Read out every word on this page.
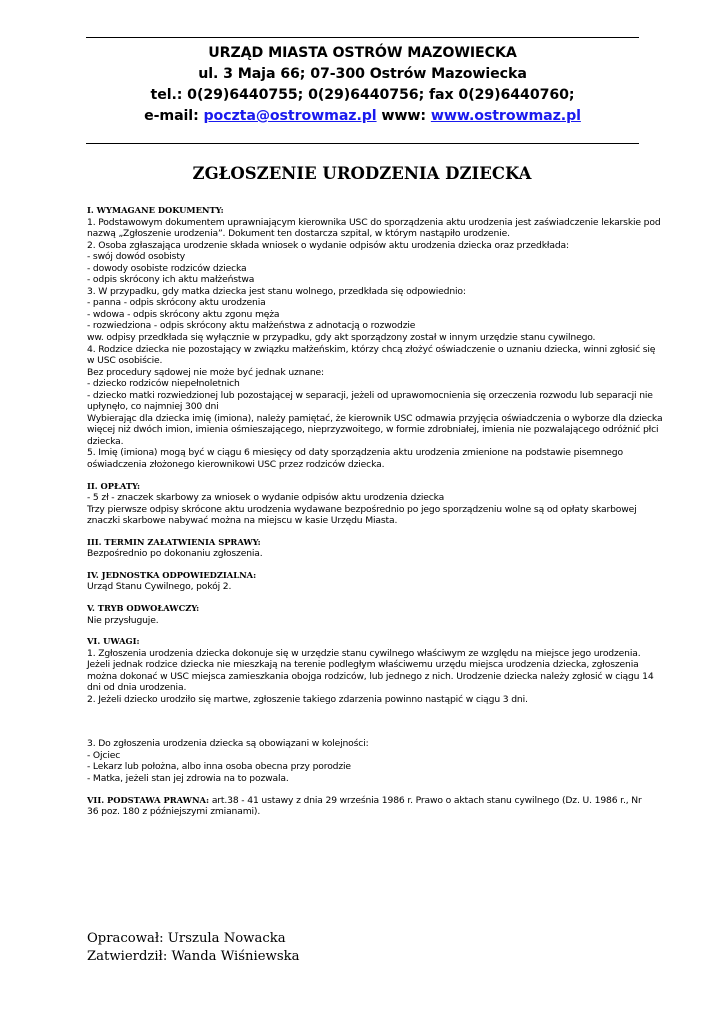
URZĄD MIASTA OSTRÓW MAZOWIECKA
ul. 3 Maja 66; 07-300 Ostrów Mazowiecka
tel.: 0(29)6440755; 0(29)6440756; fax 0(29)6440760;
e-mail: poczta@ostrowmaz.pl www: www.ostrowmaz.pl
ZGŁOSZENIE URODZENIA DZIECKA
I. WYMAGANE DOKUMENTY:
1. Podstawowym dokumentem uprawniającym kierownika USC do sporządzenia aktu urodzenia jest zaświadczenie lekarskie pod
nazwą „Zgłoszenie urodzenia”. Dokument ten dostarcza szpital, w którym nastąpiło urodzenie.
2. Osoba zgłaszająca urodzenie składa wniosek o wydanie odpisów aktu urodzenia dziecka oraz przedkłada:
- swój dowód osobisty
- dowody osobiste rodziców dziecka
- odpis skrócony ich aktu małżeństwa
3. W przypadku, gdy matka dziecka jest stanu wolnego, przedkłada się odpowiednio:
- panna - odpis skrócony aktu urodzenia
- wdowa - odpis skrócony aktu zgonu męża
- rozwiedziona - odpis skrócony aktu małżeństwa z adnotacją o rozwodzie
ww. odpisy przedkłada się wyłącznie w przypadku, gdy akt sporządzony został w innym urzędzie stanu cywilnego.
4. Rodzice dziecka nie pozostający w związku małżeńskim, którzy chcą złożyć oświadczenie o uznaniu dziecka, winni zgłosić się
w USC osobiście.
Bez procedury sądowej nie może być jednak uznane:
- dziecko rodziców niepełnoletnich
- dziecko matki rozwiedzionej lub pozostającej w separacji, jeżeli od uprawomocnienia się orzeczenia rozwodu lub separacji nie
upłynęło, co najmniej 300 dni
Wybierając dla dziecka imię (imiona), należy pamiętać, że kierownik USC odmawia przyjęcia oświadczenia o wyborze dla dziecka
więcej niż dwóch imion, imienia ośmieszającego, nieprzyzwoitego, w formie zdrobniałej, imienia nie pozwalającego odróżnić płci
dziecka.
5. Imię (imiona) mogą być w ciągu 6 miesięcy od daty sporządzenia aktu urodzenia zmienione na podstawie pisemnego
oświadczenia złożonego kierownikowi USC przez rodziców dziecka.
II. OPŁATY:
- 5 zł - znaczek skarbowy za wniosek o wydanie odpisów aktu urodzenia dziecka
Trzy pierwsze odpisy skrócone aktu urodzenia wydawane bezpośrednio po jego sporządzeniu wolne są od opłaty skarbowej
znaczki skarbowe nabywać można na miejscu w kasie Urzędu Miasta.
III. TERMIN ZAŁATWIENIA SPRAWY:
Bezpośrednio po dokonaniu zgłoszenia.
IV. JEDNOSTKA ODPOWIEDZIALNA:
Urząd Stanu Cywilnego, pokój 2.
V. TRYB ODWOŁAWCZY:
Nie przysługuje.
VI. UWAGI:
1. Zgłoszenia urodzenia dziecka dokonuje się w urzędzie stanu cywilnego właściwym ze względu na miejsce jego urodzenia.
Jeżeli jednak rodzice dziecka nie mieszkają na terenie podległym właściwemu urzędu miejsca urodzenia dziecka, zgłoszenia
można dokonać w USC miejsca zamieszkania obojga rodziców, lub jednego z nich. Urodzenie dziecka należy zgłosić w ciągu 14
dni od dnia urodzenia.
2. Jeżeli dziecko urodziło się martwe, zgłoszenie takiego zdarzenia powinno nastąpić w ciągu 3 dni.
3. Do zgłoszenia urodzenia dziecka są obowiązani w kolejności:
- Ojciec
- Lekarz lub położna, albo inna osoba obecna przy porodzie
- Matka, jeżeli stan jej zdrowia na to pozwala.
VII. PODSTAWA PRAWNA: art.38 - 41 ustawy z dnia 29 września 1986 r. Prawo o aktach stanu cywilnego (Dz. U. 1986 r., Nr
36 poz. 180 z późniejszymi zmianami).
Opracował: Urszula Nowacka
Zatwierdził: Wanda Wiśniewska
